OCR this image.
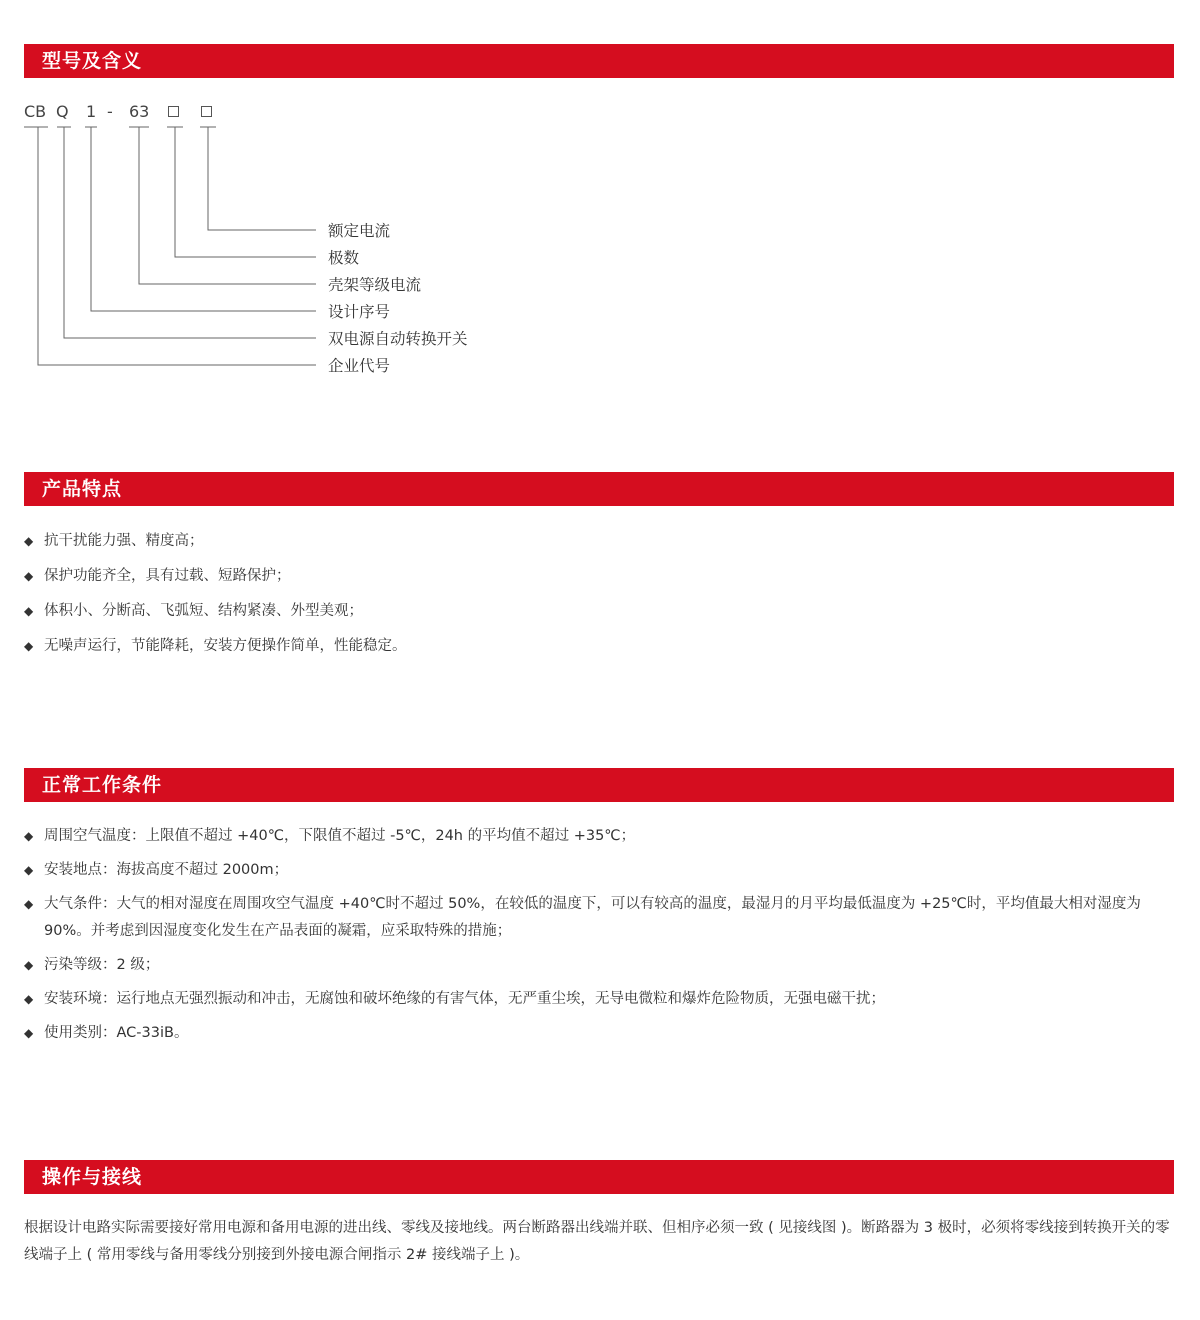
型号及含义
CB Q 1 - 63
额定电流
极数
壳架等级电流
设计序号
双电源自动转换开关
企业代号
产品特点
◆ 抗干扰能力强、精度高；
◆ 保护功能齐全，具有过载、短路保护；
◆ 体积小、分断高、飞弧短、结构紧凑、外型美观；
◆ 无噪声运行，节能降耗，安装方便操作简单，性能稳定。
正常工作条件
◆ 周围空气温度：上限值不超过 +40℃，下限值不超过 -5℃，24h 的平均值不超过 +35℃；
◆ 安装地点：海拔高度不超过 2000m；
◆ 大气条件：大气的相对湿度在周围攻空气温度 +40℃时不超过 50%，在较低的温度下，可以有较高的温度，最湿月的月平均最低温度为 +25℃时，平均值最大相对湿度为 90%。并考虑到因湿度变化发生在产品表面的凝霜，应采取特殊的措施；
◆ 污染等级：2 级；
◆ 安装环境：运行地点无强烈振动和冲击，无腐蚀和破坏绝缘的有害气体，无严重尘埃，无导电微粒和爆炸危险物质，无强电磁干扰；
◆ 使用类别：AC-33iB。
操作与接线

根据设计电路实际需要接好常用电源和备用电源的进出线、零线及接地线。两台断路器出线端并联、但相序必须一致 ( 见接线图 )。断路器为 3 极时，必须将零线接到转换开关的零线端子上 ( 常用零线与备用零线分别接到外接电源合闸指示 2# 接线端子上 )。
